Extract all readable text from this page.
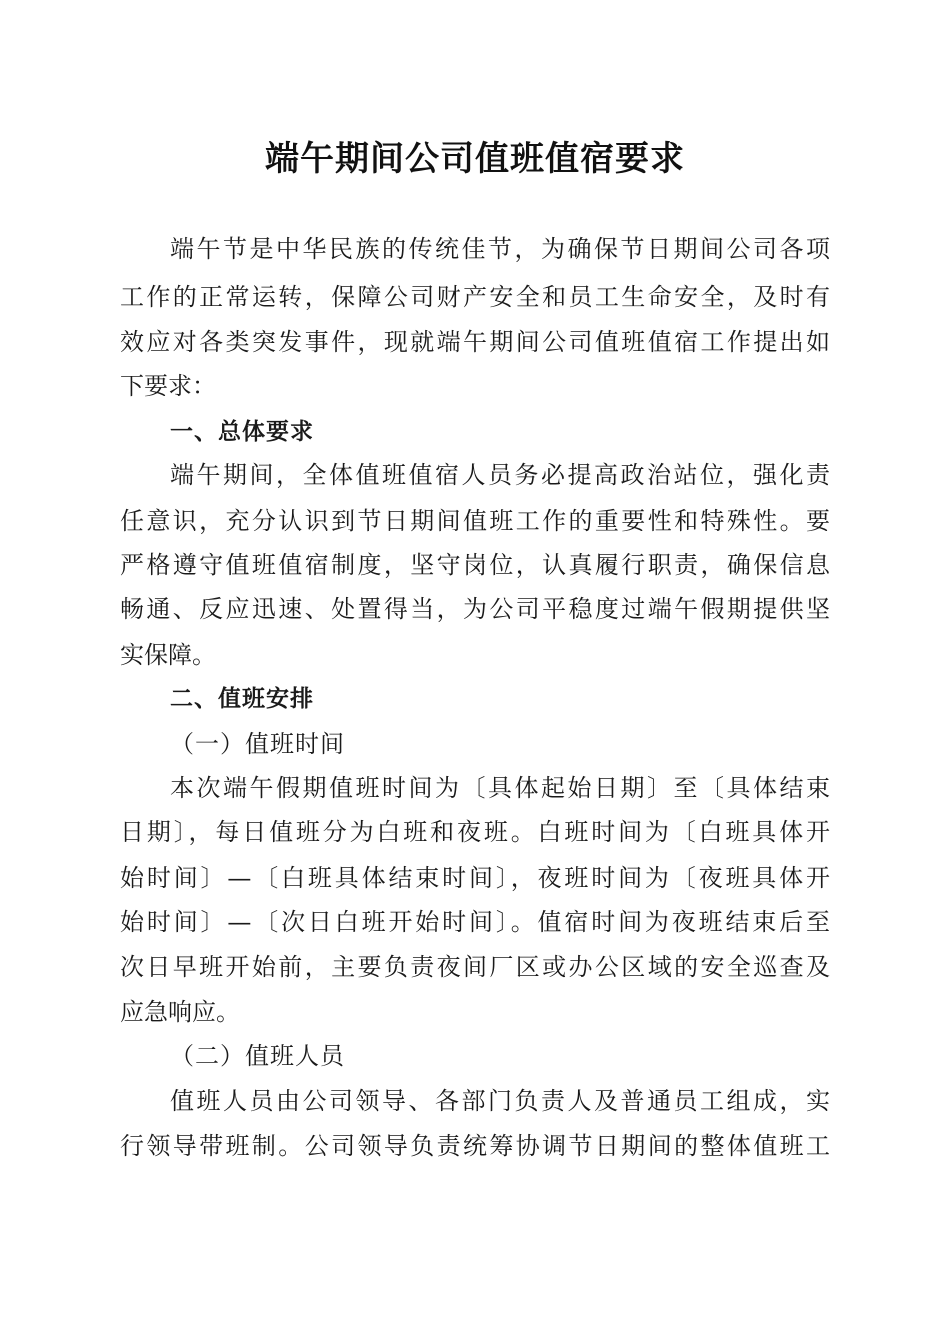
端午期间公司值班值宿要求
端午节是中华民族的传统佳节，为确保节日期间公司各项
工作的正常运转，保障公司财产安全和员工生命安全，及时有
效应对各类突发事件，现就端午期间公司值班值宿工作提出如
下要求：
一、总体要求
端午期间，全体值班值宿人员务必提高政治站位，强化责
任意识，充分认识到节日期间值班工作的重要性和特殊性。要
严格遵守值班值宿制度，坚守岗位，认真履行职责，确保信息
畅通、反应迅速、处置得当，为公司平稳度过端午假期提供坚
实保障。
二、值班安排
（一）值班时间
本次端午假期值班时间为〔具体起始日期〕至〔具体结束
日期〕，每日值班分为白班和夜班。白班时间为〔白班具体开
始时间〕—〔白班具体结束时间〕，夜班时间为〔夜班具体开
始时间〕—〔次日白班开始时间〕。值宿时间为夜班结束后至
次日早班开始前，主要负责夜间厂区或办公区域的安全巡查及
应急响应。
（二）值班人员
值班人员由公司领导、各部门负责人及普通员工组成，实
行领导带班制。公司领导负责统筹协调节日期间的整体值班工
